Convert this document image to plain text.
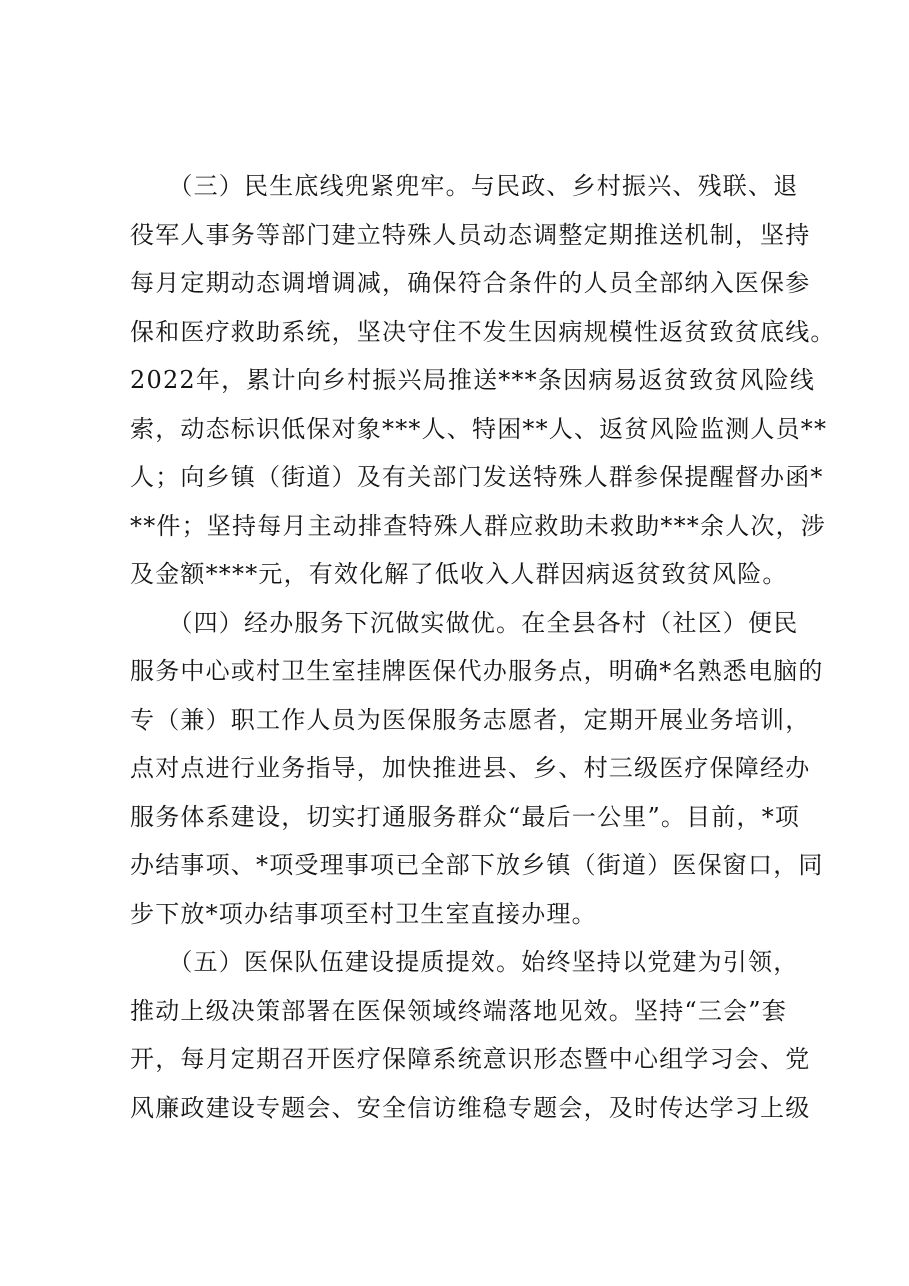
　　（三）民生底线兜紧兜牢。与民政、乡村振兴、残联、退
役军人事务等部门建立特殊人员动态调整定期推送机制，坚持
每月定期动态调增调减，确保符合条件的人员全部纳入医保参
保和医疗救助系统，坚决守住不发生因病规模性返贫致贫底线。
2022年，累计向乡村振兴局推送***条因病易返贫致贫风险线
索，动态标识低保对象***人、特困**人、返贫风险监测人员**
人；向乡镇（街道）及有关部门发送特殊人群参保提醒督办函*
**件；坚持每月主动排查特殊人群应救助未救助***余人次，涉
及金额****元，有效化解了低收入人群因病返贫致贫风险。
　　（四）经办服务下沉做实做优。在全县各村（社区）便民
服务中心或村卫生室挂牌医保代办服务点，明确*名熟悉电脑的
专（兼）职工作人员为医保服务志愿者，定期开展业务培训，
点对点进行业务指导，加快推进县、乡、村三级医疗保障经办
服务体系建设，切实打通服务群众“最后一公里”。目前，*项
办结事项、*项受理事项已全部下放乡镇（街道）医保窗口，同
步下放*项办结事项至村卫生室直接办理。
　　（五）医保队伍建设提质提效。始终坚持以党建为引领，
推动上级决策部署在医保领域终端落地见效。坚持“三会”套
开，每月定期召开医疗保障系统意识形态暨中心组学习会、党
风廉政建设专题会、安全信访维稳专题会，及时传达学习上级
